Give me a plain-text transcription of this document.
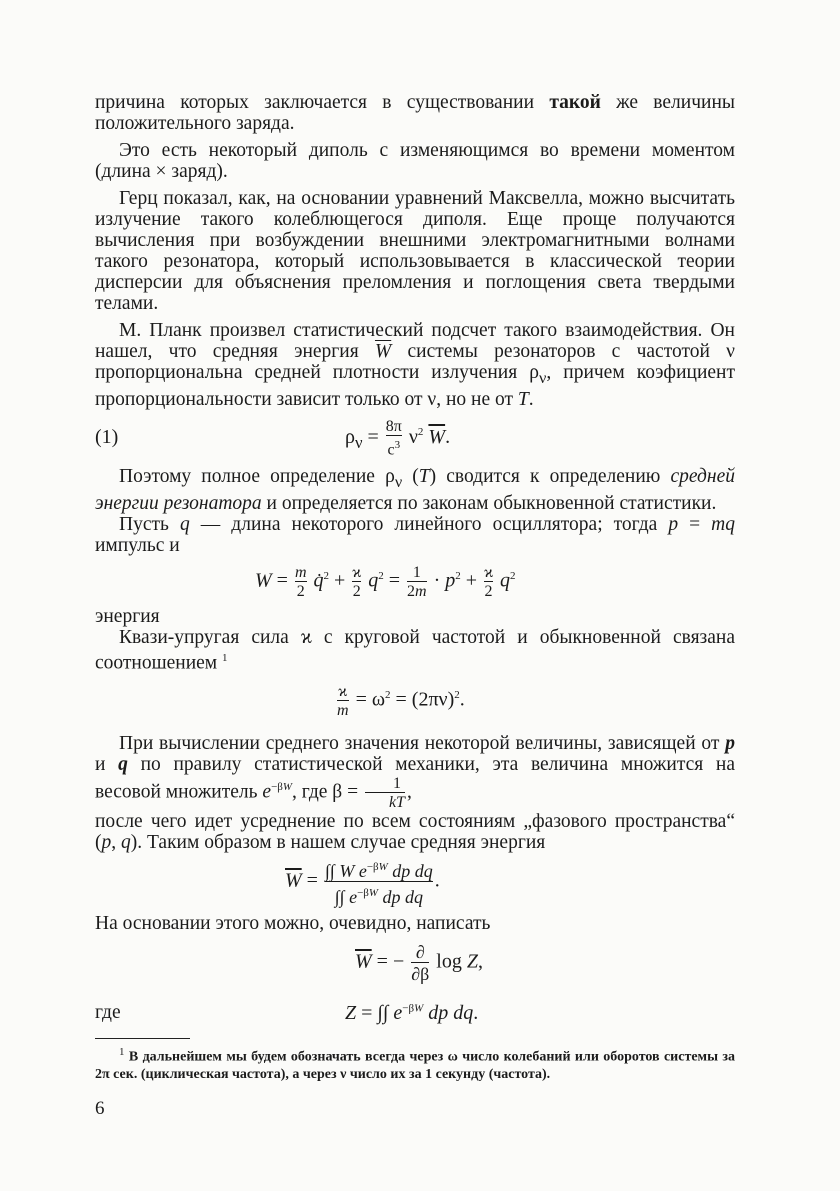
причина которых заключается в существовании такой же величины положительного заряда.

Это есть некоторый диполь с изменяющимся во времени моментом (длина × заряд).

Герц показал, как, на основании уравнений Максвелла, можно высчитать излучение такого колеблющегося диполя. Еще проще получаются вычисления при возбуждении внешними электромагнитными волнами такого резонатора, который использовывается в классической теории дисперсии для объяснения преломления и поглощения света твердыми телами.

М. Планк произвел статистический подсчет такого взаимодействия. Он нашел, что средняя энергия $\overline{W}$ системы резонаторов с частотой ν пропорциональна средней плотности излучения $\rho_\nu$, причем коэфициент пропорциональности зависит только от ν, но не от T.

(1)	$\rho_\nu = \frac{8\pi}{c^3} \nu^2$ $\overline{W}$.

Поэтому полное определение $\rho_\nu$ (T) сводится к определению средней энергии резонатора и определяется по законам обыкновенной статистики.

Пусть q — длина некоторого линейного осциллятора; тогда p = mq импульс и

$W = \frac{m}{2}$ q̇$^2$ + $\frac{ϰ}{2} q^2 = \frac{1}{2m} \cdot p^2 + \frac{ϰ}{2} q^2$

энергия

Квази-упругая сила ϰ с круговой частотой и обыкновенной связана соотношением $^1$

$\frac{ϰ}{m} = \omega^2 = (2\pi\nu)^2$.

При вычислении среднего значения некоторой величины, зависящей от p и q по правилу статистической механики, эта величина множится на весовой множитель $e^{-\beta W}$, где $\beta = \frac{1}{kT}$ ,

после чего идет усреднение по всем состояниям „фазового пространства“ (p, q). Таким образом в нашем случае средняя энергия

$\overline{W} = \frac{\int\int W e^{-\beta W} dp dq}{\int\int e^{-\beta W} dp dq}$ .

На основании этого можно, очевидно, написать

$\overline{W}$ = − $\frac{\partial}{\partial\beta}$ log Z,
где	Z = ∫∫ $e^{-\beta W}$ dp dq.

$^1$ В дальнейшем мы будем обозначать всегда через ω число колебаний или оборотов системы за 2π сек. (циклическая частота), а через ν число их за 1 секунду (частота).

6
